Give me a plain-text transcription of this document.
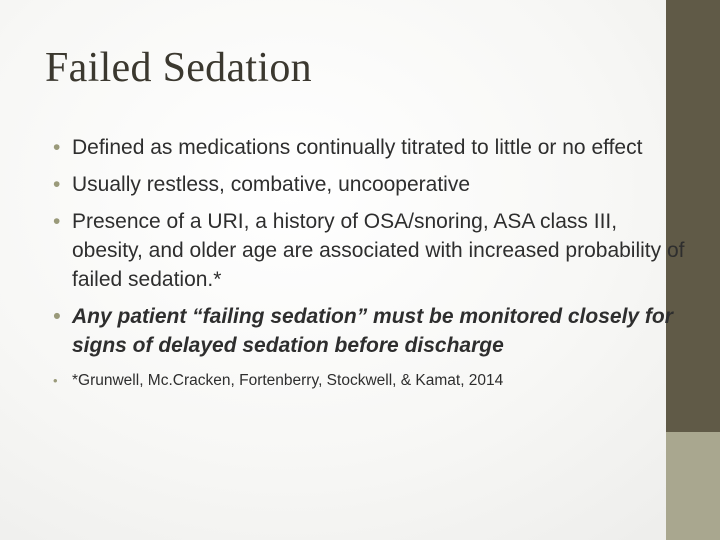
Failed Sedation
• Defined as medications continually titrated to little or no effect
• Usually restless, combative, uncooperative
• Presence of a URI, a history of OSA/snoring, ASA class III, obesity, and older age are associated with increased probability of failed sedation.*
• Any patient “failing sedation” must be monitored closely for signs of delayed sedation before discharge
• *Grunwell, Mc.Cracken, Fortenberry, Stockwell, & Kamat, 2014
